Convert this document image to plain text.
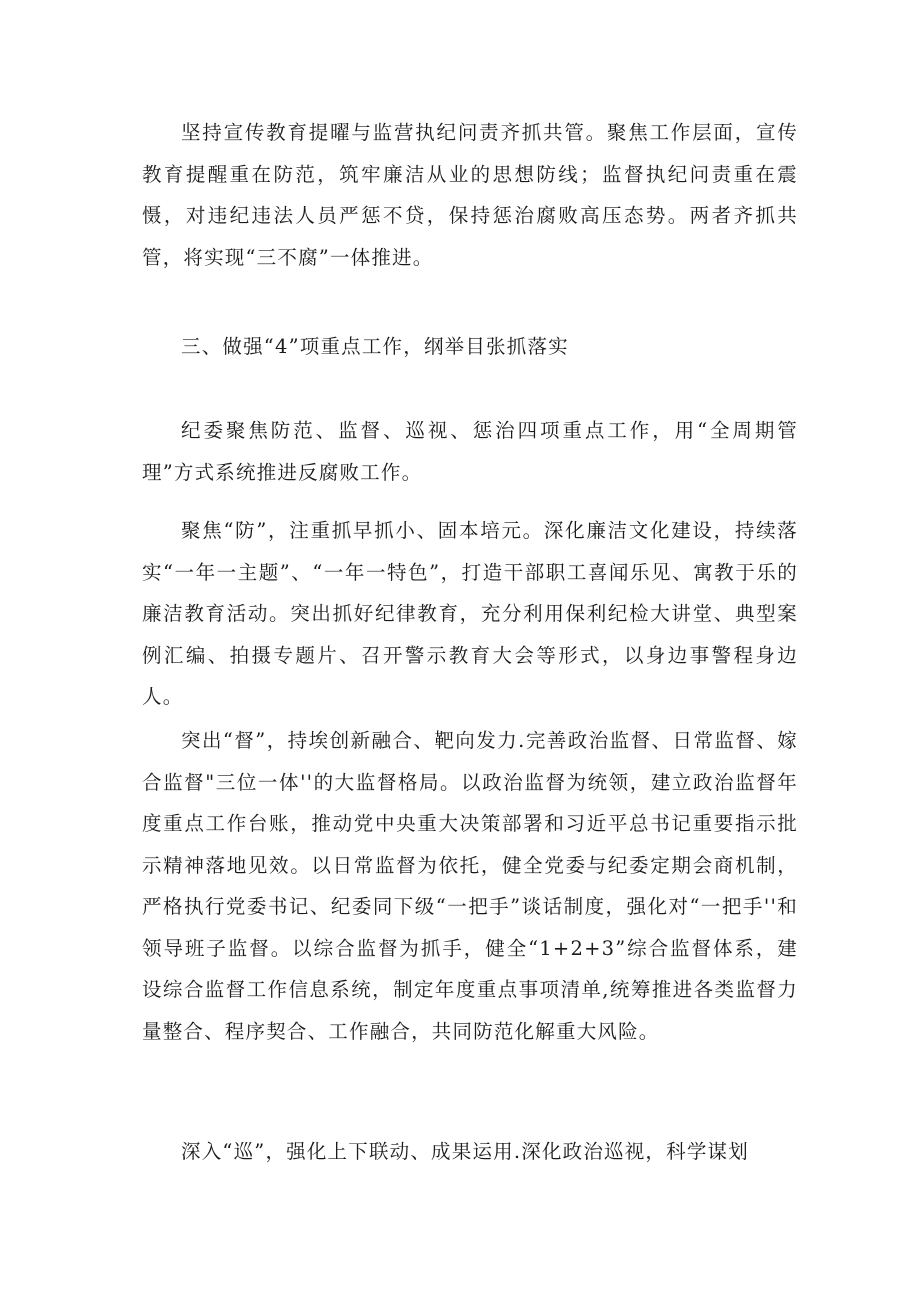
坚持宣传教育提曜与监营执纪问责齐抓共管。聚焦工作层面，宣传教育提醒重在防范，筑牢廉洁从业的思想防线；监督执纪问责重在震慑，对违纪违法人员严惩不贷，保持惩治腐败高压态势。两者齐抓共管，将实现“三不腐”一体推进。

三、做强“4”项重点工作，纲举目张抓落实

纪委聚焦防范、监督、巡视、惩治四项重点工作，用“全周期管理”方式系统推进反腐败工作。

聚焦“防”，注重抓早抓小、固本培元。深化廉洁文化建设，持续落实“一年一主题”、“一年一特色”，打造干部职工喜闻乐见、寓教于乐的廉洁教育活动。突出抓好纪律教育，充分利用保利纪检大讲堂、典型案例汇编、拍摄专题片、召开警示教育大会等形式，以身边事警程身边人。

突出“督”，持埃创新融合、靶向发力.完善政治监督、日常监督、嫁合监督"三位一体''的大监督格局。以政治监督为统领，建立政治监督年度重点工作台账，推动党中央重大决策部署和习近平总书记重要指示批示精神落地见效。以日常监督为依托，健全党委与纪委定期会商机制，严格执行党委书记、纪委同下级“一把手”谈话制度，强化对“一把手''和领导班子监督。以综合监督为抓手，健全“1+2+3”综合监督体系，建设综合监督工作信息系统，制定年度重点事项清单,统筹推进各类监督力量整合、程序契合、工作融合，共同防范化解重大风险。

深入“巡”，强化上下联动、成果运用.深化政治巡视，科学谋划
